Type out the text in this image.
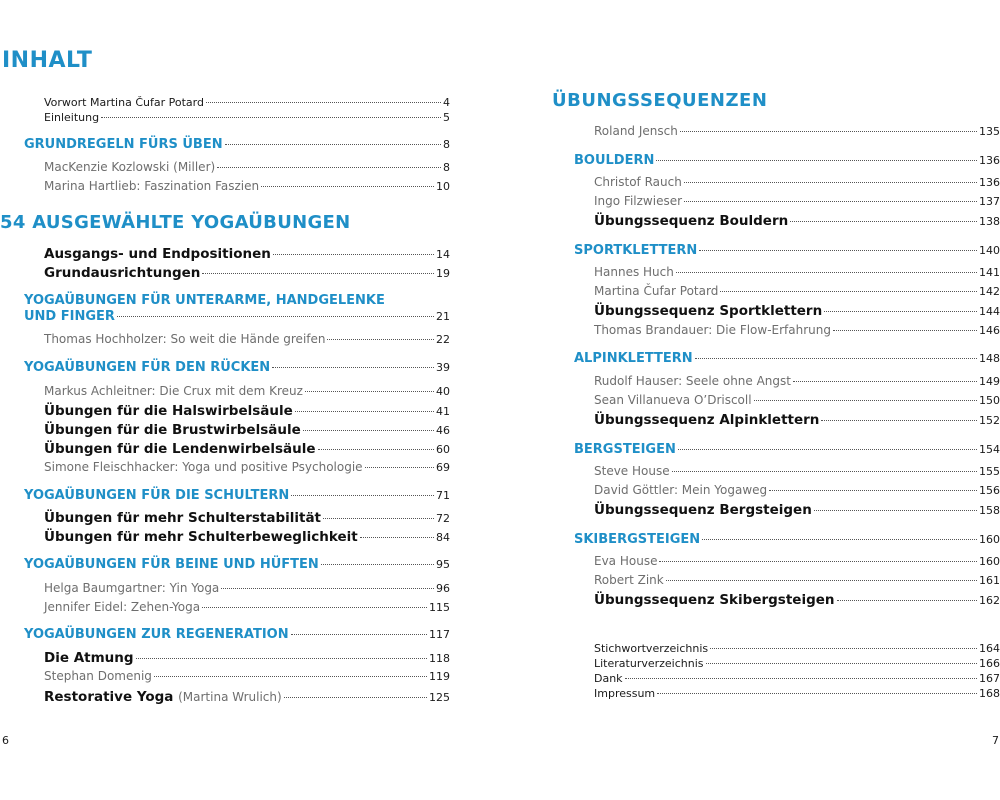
INHALT
Vorwort Martina Čufar Potard	4
Einleitung	5
GRUNDREGELN FÜRS ÜBEN	8
MacKenzie Kozlowski (Miller)	8
Marina Hartlieb: Faszination Faszien	10
54 AUSGEWÄHLTE YOGAÜBUNGEN
Ausgangs- und Endpositionen	14
Grundausrichtungen	19
YOGAÜBUNGEN FÜR UNTERARME, HANDGELENKE
UND FINGER	21
Thomas Hochholzer: So weit die Hände greifen	22
YOGAÜBUNGEN FÜR DEN RÜCKEN	39
Markus Achleitner: Die Crux mit dem Kreuz	40
Übungen für die Halswirbelsäule	41
Übungen für die Brustwirbelsäule	46
Übungen für die Lendenwirbelsäule	60
Simone Fleischhacker: Yoga und positive Psychologie	69
YOGAÜBUNGEN FÜR DIE SCHULTERN	71
Übungen für mehr Schulterstabilität	72
Übungen für mehr Schulterbeweglichkeit	84
YOGAÜBUNGEN FÜR BEINE UND HÜFTEN	95
Helga Baumgartner: Yin Yoga	96
Jennifer Eidel: Zehen-Yoga	115
YOGAÜBUNGEN ZUR REGENERATION	117
Die Atmung	118
Stephan Domenig	119
Restorative Yoga (Martina Wrulich)	125
6
ÜBUNGSSEQUENZEN
Roland Jensch	135
BOULDERN	136
Christof Rauch	136
Ingo Filzwieser	137
Übungssequenz Bouldern	138
SPORTKLETTERN	140
Hannes Huch	141
Martina Čufar Potard	142
Übungssequenz Sportklettern	144
Thomas Brandauer: Die Flow-Erfahrung	146
ALPINKLETTERN	148
Rudolf Hauser: Seele ohne Angst	149
Sean Villanueva O’Driscoll	150
Übungssequenz Alpinklettern	152
BERGSTEIGEN	154
Steve House	155
David Göttler: Mein Yogaweg	156
Übungssequenz Bergsteigen	158
SKIBERGSTEIGEN	160
Eva House	160
Robert Zink	161
Übungssequenz Skibergsteigen	162
Stichwortverzeichnis	164
Literaturverzeichnis	166
Dank	167
Impressum	168
7
